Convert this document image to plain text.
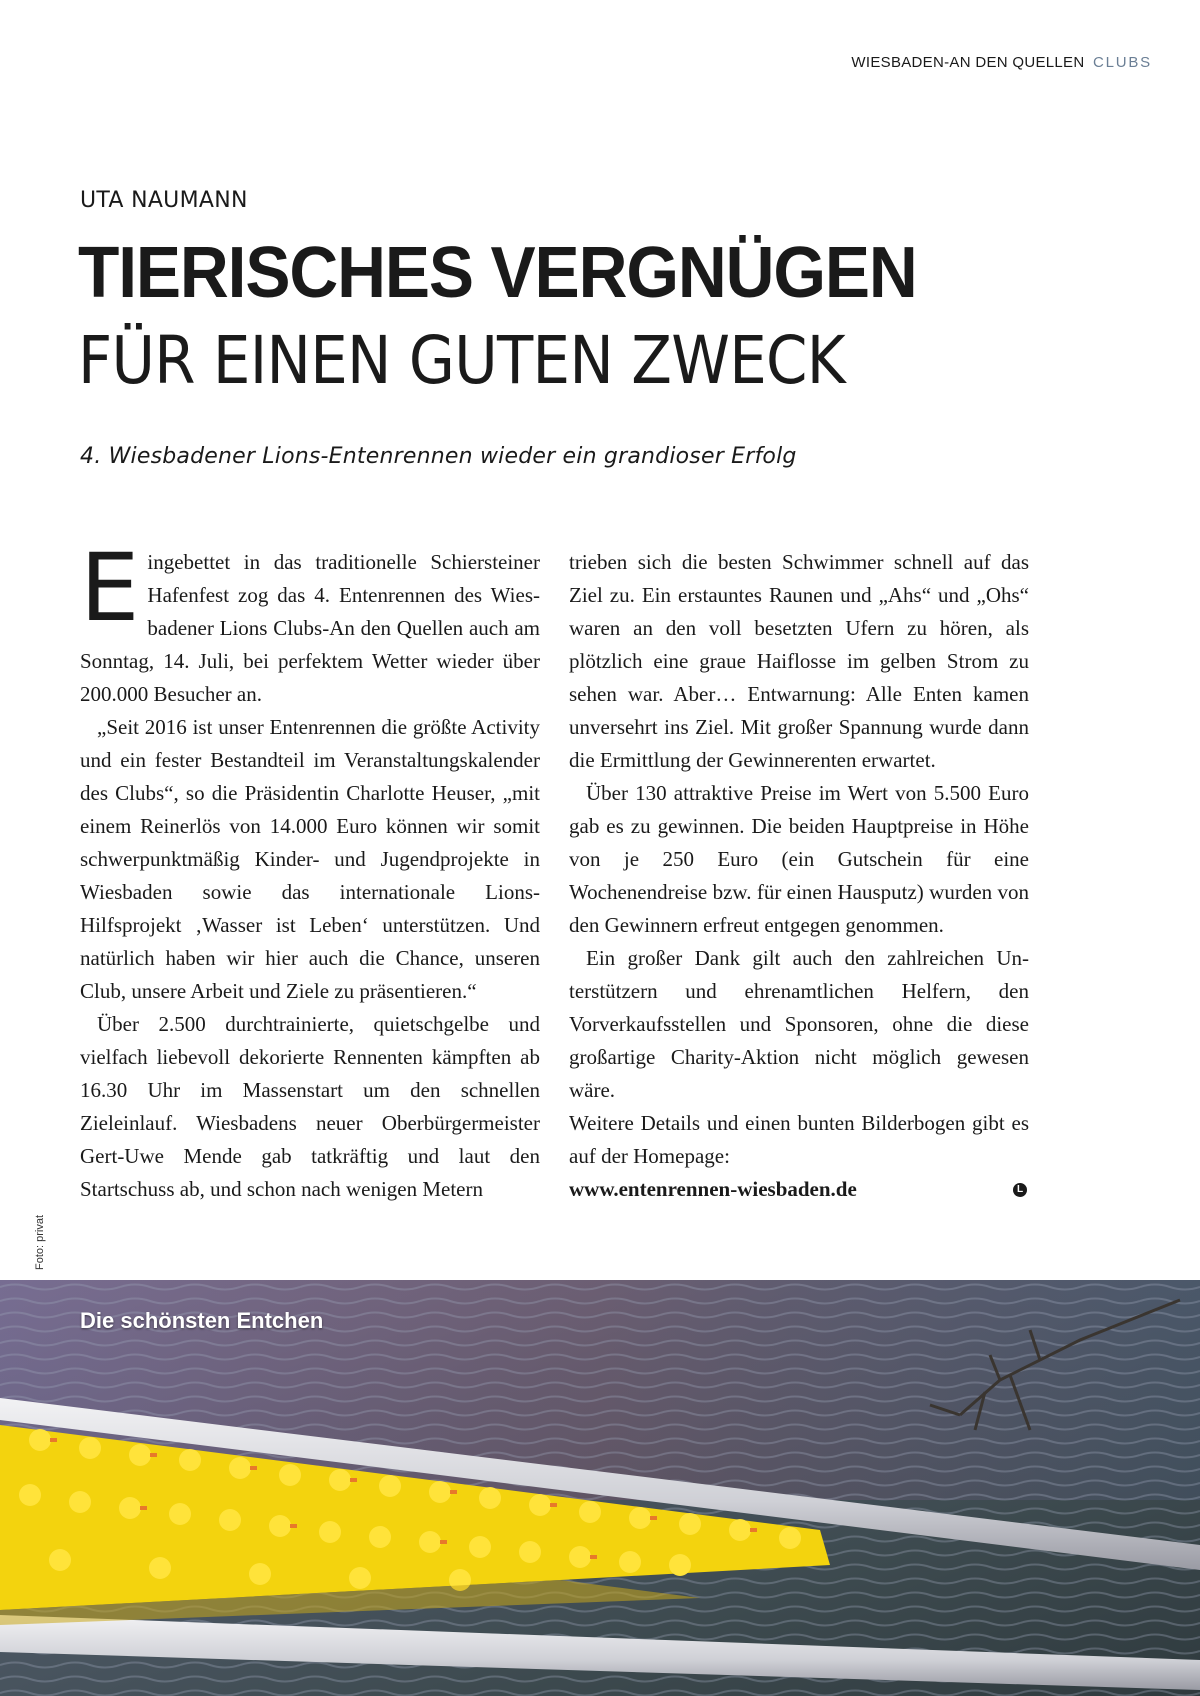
WIESBADEN-AN DEN QUELLEN CLUBS
UTA NAUMANN
TIERISCHES VERGNÜGEN
FÜR EINEN GUTEN ZWECK
4. Wiesbadener Lions-Entenrennen wieder ein grandioser Erfolg

Eingebettet in das traditionelle Schiersteiner Hafenfest zog das 4. Entenrennen des Wiesbadener Lions Clubs-An den Quellen auch am Sonntag, 14. Juli, bei perfektem Wetter wieder über 200.000 Besucher an.

„Seit 2016 ist unser Entenrennen die größte Activity und ein fester Bestandteil im Veranstaltungskalender des Clubs“, so die Präsidentin Charlotte Heuser, „mit einem Reinerlös von 14.000 Euro können wir somit schwerpunktmäßig Kinder- und Jugendprojekte in Wiesbaden sowie das internationale Lions-Hilfsprojekt ‚Wasser ist Leben‘ unterstützen. Und natürlich haben wir hier auch die Chance, unseren Club, unsere Arbeit und Ziele zu präsentieren.“

Über 2.500 durchtrainierte, quietschgelbe und vielfach liebevoll dekorierte Rennenten kämpften ab 16.30 Uhr im Massenstart um den schnellen Zieleinlauf. Wiesbadens neuer Oberbürgermeister Gert-Uwe Mende gab tatkräftig und laut den Startschuss ab, und schon nach wenigen Metern

trieben sich die besten Schwimmer schnell auf das Ziel zu. Ein erstauntes Raunen und „Ahs“ und „Ohs“ waren an den voll besetzten Ufern zu hören, als plötzlich eine graue Haiflosse im gelben Strom zu sehen war. Aber… Entwarnung: Alle Enten kamen unversehrt ins Ziel. Mit großer Spannung wurde dann die Ermittlung der Gewinnerenten erwartet.

Über 130 attraktive Preise im Wert von 5.500 Euro gab es zu gewinnen. Die beiden Hauptpreise in Höhe von je 250 Euro (ein Gutschein für eine Wochenendreise bzw. für einen Hausputz) wurden von den Gewinnern erfreut entgegen genommen.

Ein großer Dank gilt auch den zahlreichen Unterstützern und ehrenamtlichen Helfern, den Vorverkaufsstellen und Sponsoren, ohne die diese großartige Charity-Aktion nicht möglich gewesen wäre.

Weitere Details und einen bunten Bilderbogen gibt es auf der Homepage:

www.entenrennen-wiesbaden.de	L
Foto: privat
Die schönsten Entchen
